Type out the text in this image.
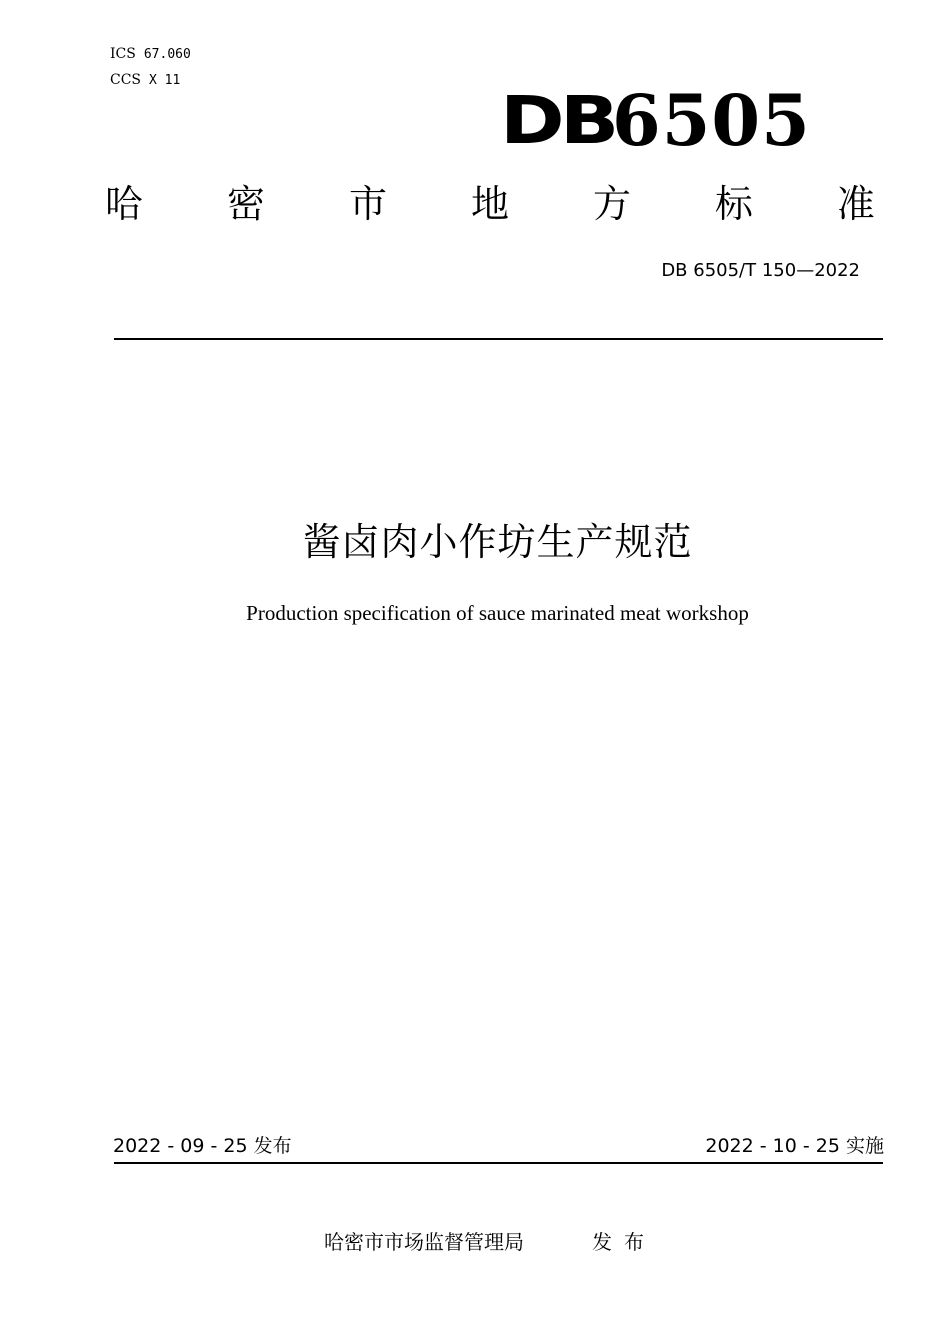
ICS 67.060
CCS X 11
DB
6505
哈 密 市 地 方 标 准
DB 6505/T 150—2022
酱卤肉小作坊生产规范
Production specification of sauce marinated meat workshop
2022 - 09 - 25 发布	2022 - 10 - 25 实施
哈密市市场监督管理局	发布
